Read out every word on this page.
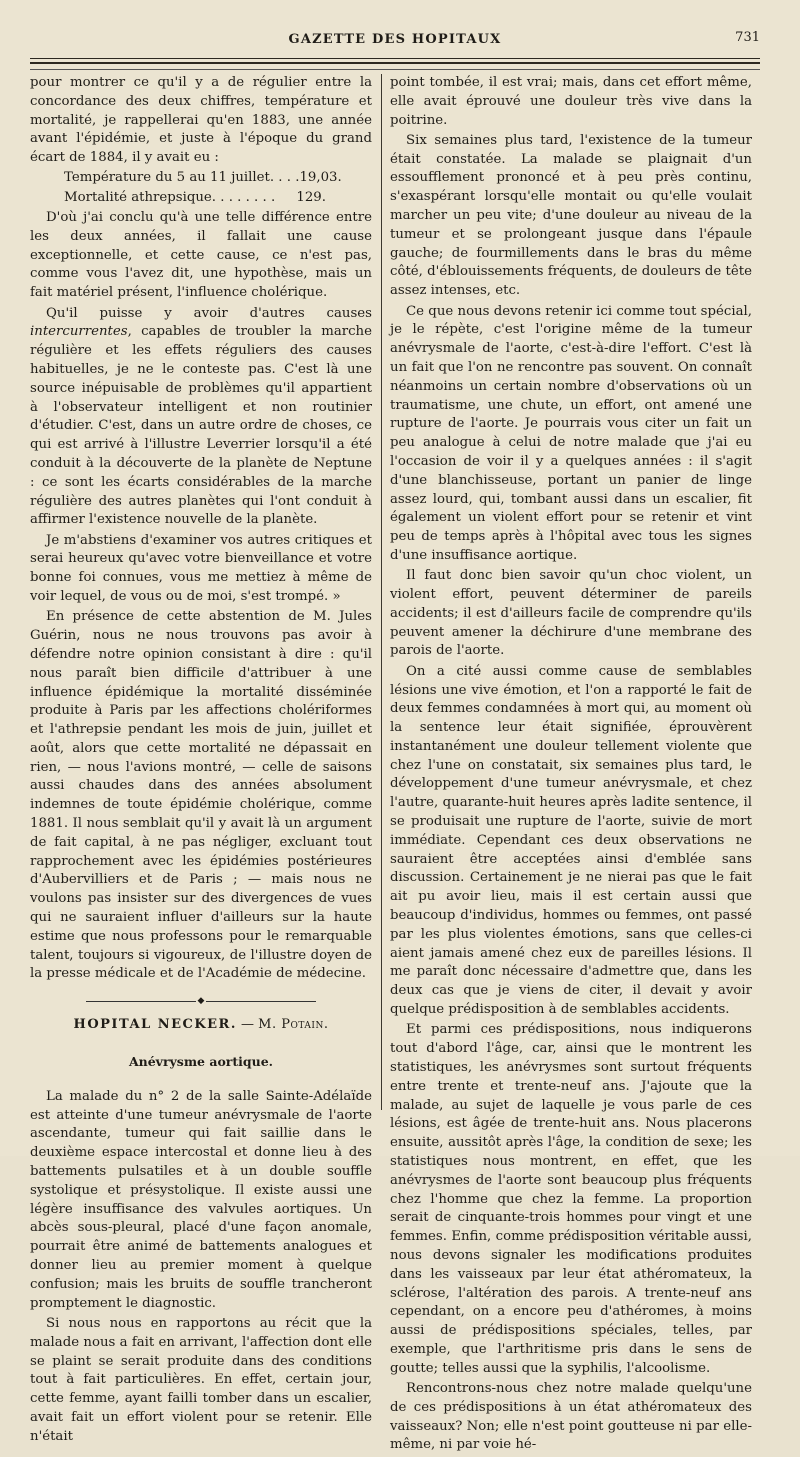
GAZETTE DES HOPITAUX	731

pour montrer ce qu'il y a de régulier entre la concordance des deux chiffres, température et mortalité, je rappellerai qu'en 1883, une année avant l'épidémie, et juste à l'époque du grand écart de 1884, il y avait eu :

Température du 5 au 11 juillet. . . . 19,03.
Mortalité athrepsique. . . . . . . . 129.

D'où j'ai conclu qu'à une telle différence entre les deux années, il fallait une cause exceptionnelle, et cette cause, ce n'est pas, comme vous l'avez dit, une hypothèse, mais un fait matériel présent, l'influence cholérique.

Qu'il puisse y avoir d'autres causes intercurrentes, capables de troubler la marche régulière et les effets réguliers des causes habituelles, je ne le conteste pas. C'est là une source inépuisable de problèmes qu'il appartient à l'observateur intelligent et non routinier d'étudier. C'est, dans un autre ordre de choses, ce qui est arrivé à l'illustre Leverrier lorsqu'il a été conduit à la découverte de la planète de Neptune : ce sont les écarts considérables de la marche régulière des autres planètes qui l'ont conduit à affirmer l'existence nouvelle de la planète.

Je m'abstiens d'examiner vos autres critiques et serai heureux qu'avec votre bienveillance et votre bonne foi connues, vous me mettiez à même de voir lequel, de vous ou de moi, s'est trompé. »

En présence de cette abstention de M. Jules Guérin, nous ne nous trouvons pas avoir à défendre notre opinion consistant à dire : qu'il nous paraît bien difficile d'attribuer à une influence épidémique la mortalité disséminée produite à Paris par les affections cholériformes et l'athrepsie pendant les mois de juin, juillet et août, alors que cette mortalité ne dépassait en rien, — nous l'avions montré, — celle de saisons aussi chaudes dans des années absolument indemnes de toute épidémie cholérique, comme 1881. Il nous semblait qu'il y avait là un argument de fait capital, à ne pas négliger, excluant tout rapprochement avec les épidémies postérieures d'Aubervilliers et de Paris ; — mais nous ne voulons pas insister sur des divergences de vues qui ne sauraient influer d'ailleurs sur la haute estime que nous professons pour le remarquable talent, toujours si vigoureux, de l'illustre doyen de la presse médicale et de l'Académie de médecine.

◆
HOPITAL NECKER. — M. Potain.
Anévrysme aortique.

La malade du n° 2 de la salle Sainte-Adélaïde est atteinte d'une tumeur anévrysmale de l'aorte ascendante, tumeur qui fait saillie dans le deuxième espace intercostal et donne lieu à des battements pulsatiles et à un double souffle systolique et présystolique. Il existe aussi une légère insuffisance des valvules aortiques. Un abcès sous-pleural, placé d'une façon anomale, pourrait être animé de battements analogues et donner lieu au premier moment à quelque confusion; mais les bruits de souffle trancheront promptement le diagnostic.

Si nous nous en rapportons au récit que la malade nous a fait en arrivant, l'affection dont elle se plaint se serait produite dans des conditions tout à fait particulières. En effet, certain jour, cette femme, ayant failli tomber dans un escalier, avait fait un effort violent pour se retenir. Elle n'était

point tombée, il est vrai; mais, dans cet effort même, elle avait éprouvé une douleur très vive dans la poitrine.

Six semaines plus tard, l'existence de la tumeur était constatée. La malade se plaignait d'un essoufflement prononcé et à peu près continu, s'exaspérant lorsqu'elle montait ou qu'elle voulait marcher un peu vite; d'une douleur au niveau de la tumeur et se prolongeant jusque dans l'épaule gauche; de fourmillements dans le bras du même côté, d'éblouissements fréquents, de douleurs de tête assez intenses, etc.

Ce que nous devons retenir ici comme tout spécial, je le répète, c'est l'origine même de la tumeur anévrysmale de l'aorte, c'est-à-dire l'effort. C'est là un fait que l'on ne rencontre pas souvent. On connaît néanmoins un certain nombre d'observations où un traumatisme, une chute, un effort, ont amené une rupture de l'aorte. Je pourrais vous citer un fait un peu analogue à celui de notre malade que j'ai eu l'occasion de voir il y a quelques années : il s'agit d'une blanchisseuse, portant un panier de linge assez lourd, qui, tombant aussi dans un escalier, fit également un violent effort pour se retenir et vint peu de temps après à l'hôpital avec tous les signes d'une insuffisance aortique.

Il faut donc bien savoir qu'un choc violent, un violent effort, peuvent déterminer de pareils accidents; il est d'ailleurs facile de comprendre qu'ils peuvent amener la déchirure d'une membrane des parois de l'aorte.

On a cité aussi comme cause de semblables lésions une vive émotion, et l'on a rapporté le fait de deux femmes condamnées à mort qui, au moment où la sentence leur était signifiée, éprouvèrent instantanément une douleur tellement violente que chez l'une on constatait, six semaines plus tard, le développement d'une tumeur anévrysmale, et chez l'autre, quarante-huit heures après ladite sentence, il se produisait une rupture de l'aorte, suivie de mort immédiate. Cependant ces deux observations ne sauraient être acceptées ainsi d'emblée sans discussion. Certainement je ne nierai pas que le fait ait pu avoir lieu, mais il est certain aussi que beaucoup d'individus, hommes ou femmes, ont passé par les plus violentes émotions, sans que celles-ci aient jamais amené chez eux de pareilles lésions. Il me paraît donc nécessaire d'admettre que, dans les deux cas que je viens de citer, il devait y avoir quelque prédisposition à de semblables accidents.

Et parmi ces prédispositions, nous indiquerons tout d'abord l'âge, car, ainsi que le montrent les statistiques, les anévrysmes sont surtout fréquents entre trente et trente-neuf ans. J'ajoute que la malade, au sujet de laquelle je vous parle de ces lésions, est âgée de trente-huit ans. Nous placerons ensuite, aussitôt après l'âge, la condition de sexe; les statistiques nous montrent, en effet, que les anévrysmes de l'aorte sont beaucoup plus fréquents chez l'homme que chez la femme. La proportion serait de cinquante-trois hommes pour vingt et une femmes. Enfin, comme prédisposition véritable aussi, nous devons signaler les modifications produites dans les vaisseaux par leur état athéromateux, la sclérose, l'altération des parois. A trente-neuf ans cependant, on a encore peu d'athéromes, à moins aussi de prédispositions spéciales, telles, par exemple, que l'arthritisme pris dans le sens de goutte; telles aussi que la syphilis, l'alcoolisme.

Rencontrons-nous chez notre malade quelqu'une de ces prédispositions à un état athéromateux des vaisseaux? Non; elle n'est point goutteuse ni par elle-même, ni par voie hé-
